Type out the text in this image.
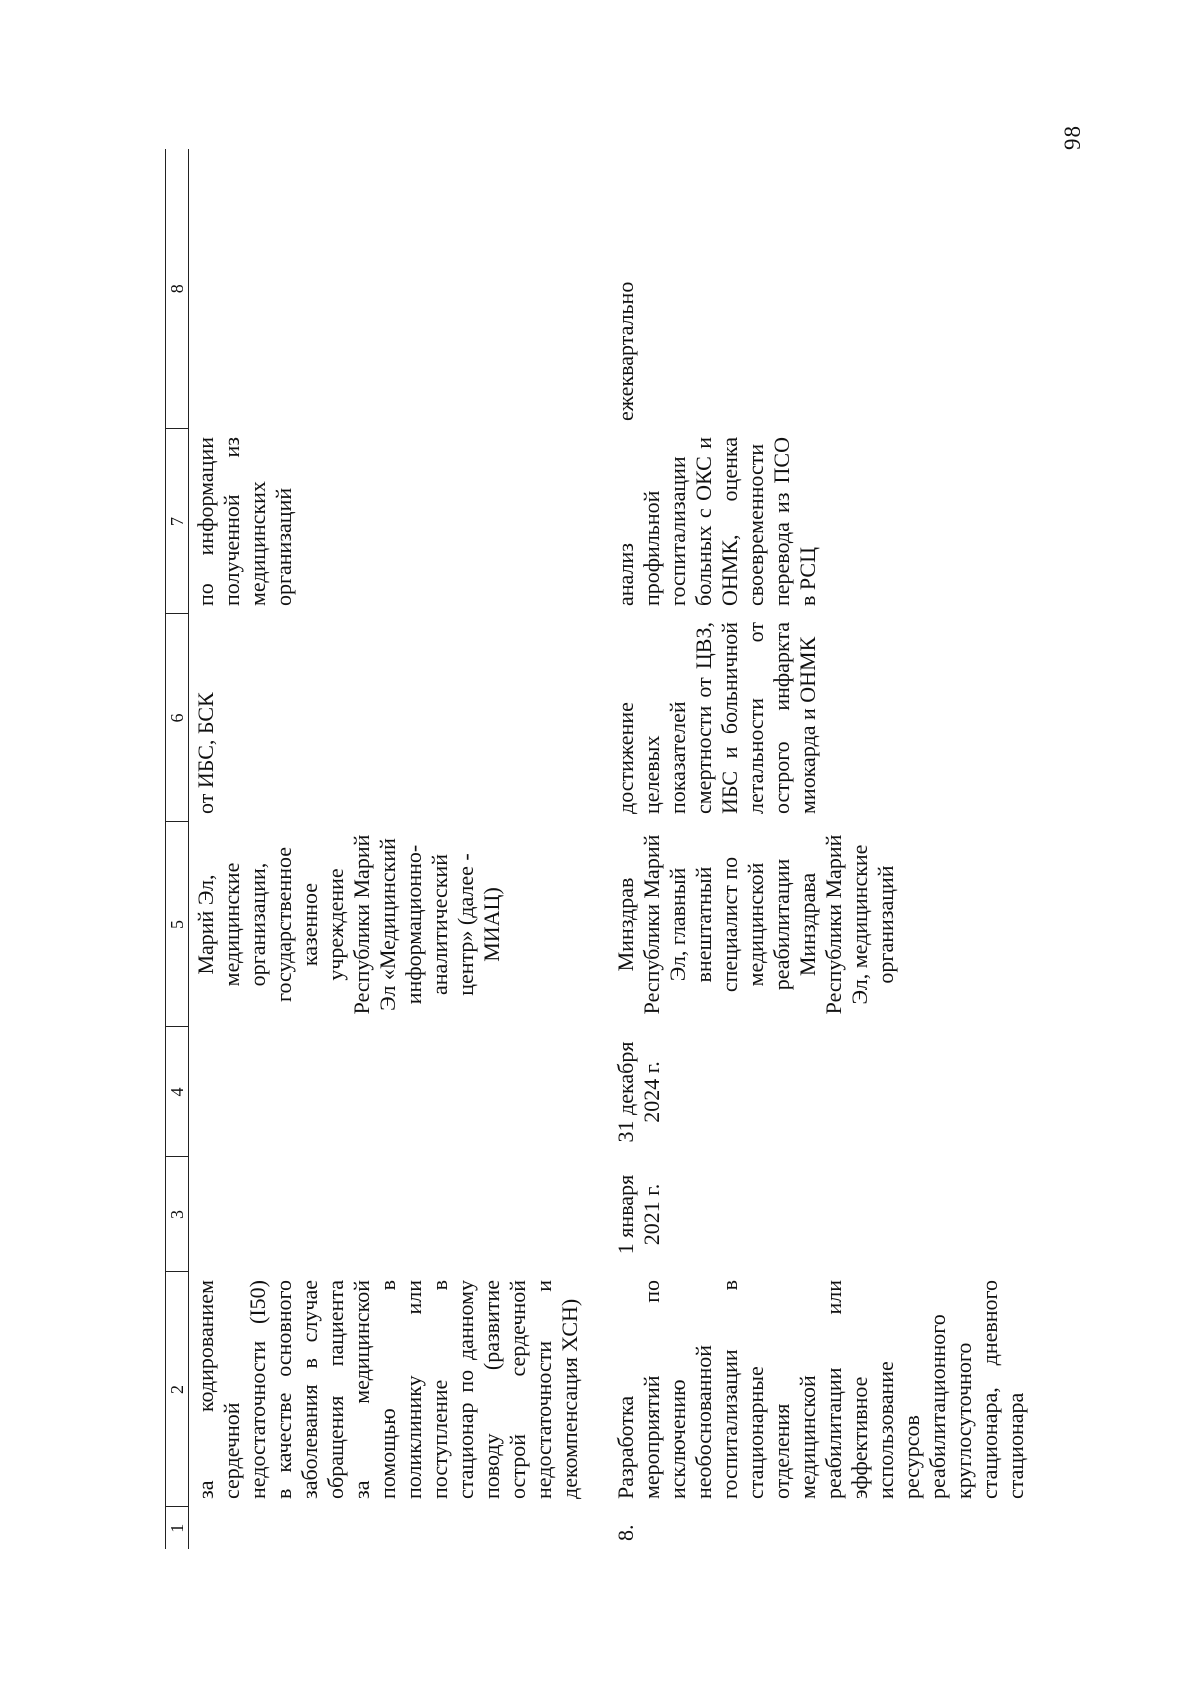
98
1	2	3	4	5	6	7	8
	за кодированием сердечной недостаточности (I50) в качестве основного заболевания в случае обращения пациента за медицинской помощью в поликлинику или поступление в стационар по данному поводу (развитие острой сердечной недостаточности и декомпенсация ХСН)			Марий Эл, медицинские организации, государственное казенное учреждение Республики Марий Эл «Медицинский информационно-аналитический центр» (далее - МИАЦ)	от ИБС, БСК	по информации полученной из медицинских организаций	

8.	Разработка мероприятий по исключению необоснованной госпитализации в стационарные отделения медицинской реабилитации или эффективное использование ресурсов реабилитационного круглосуточного стационара, дневного стационара	1 января 2021 г.	31 декабря 2024 г.	Минздрав Республики Марий Эл, главный внештатный специалист по медицинской реабилитации Минздрава Республики Марий Эл, медицинские организаций	достижение целевых показателей смертности от ЦВЗ, ИБС и больничной летальности от острого инфаркта миокарда и ОНМК	анализ профильной госпитализации больных с ОКС и ОНМК, оценка своевременности перевода из ПСО в РСЦ	ежеквартально
